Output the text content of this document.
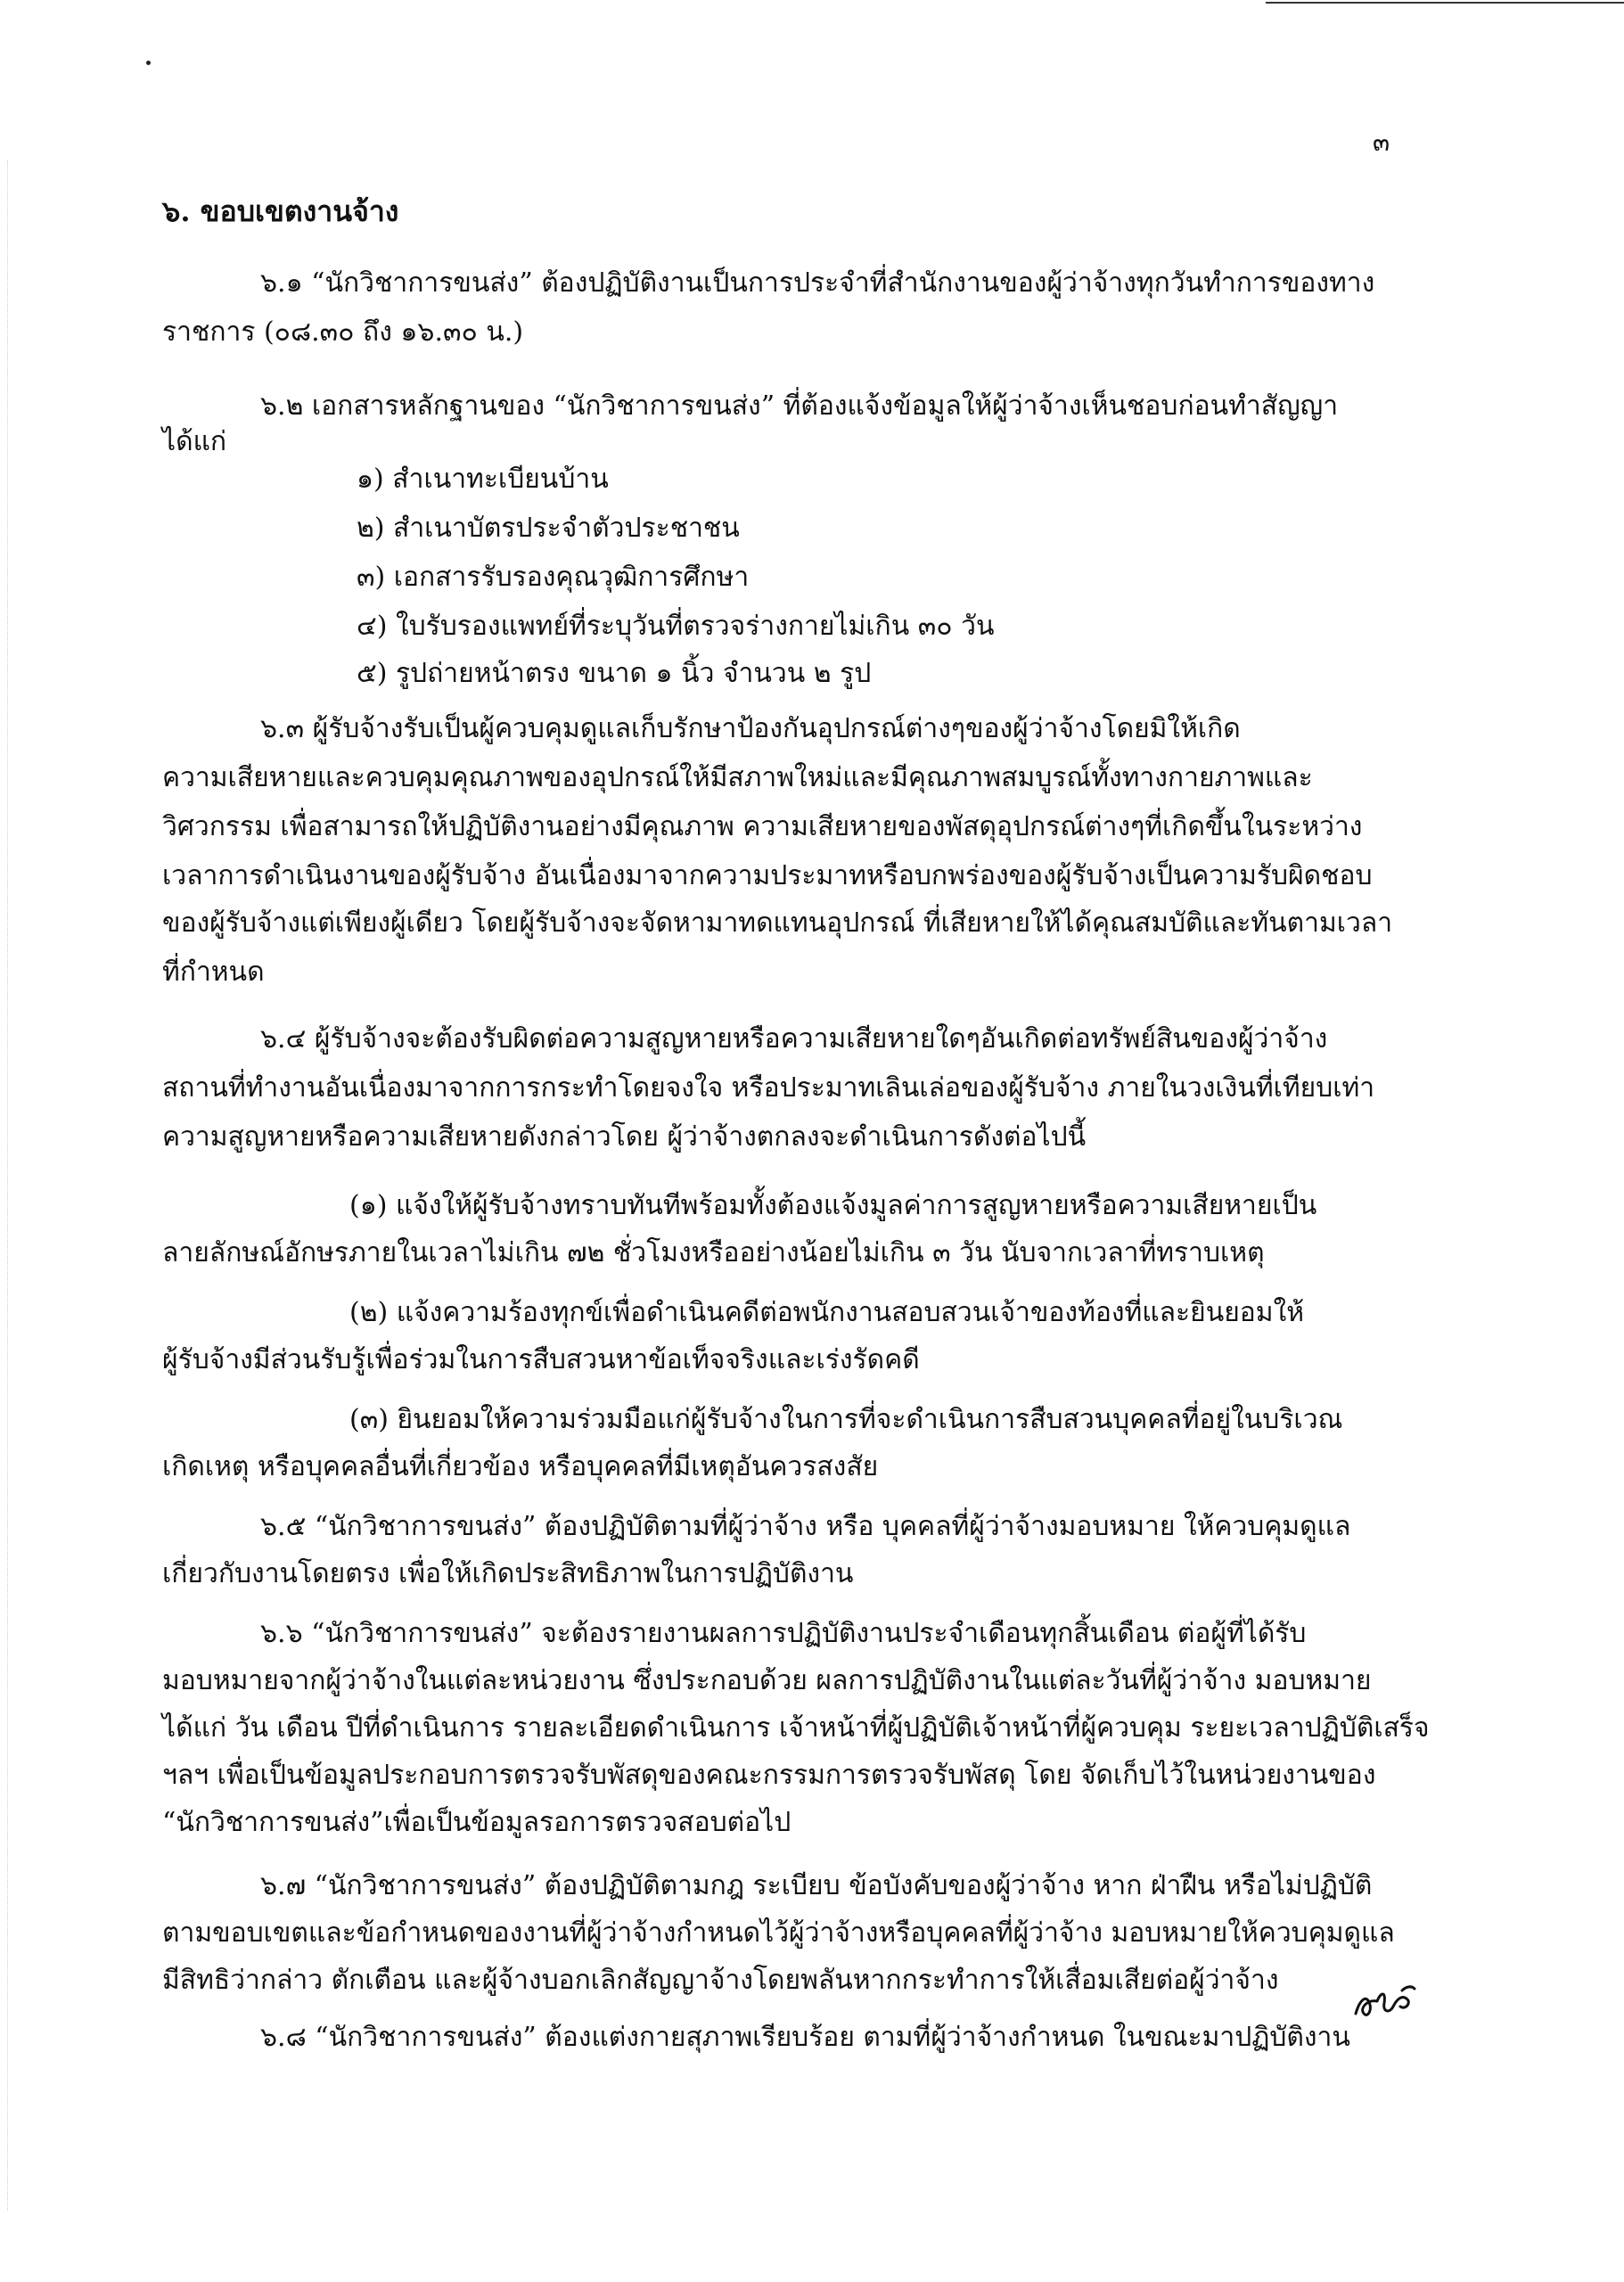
๓
๖. ขอบเขตงานจ้าง
๖.๑ “นักวิชาการขนส่ง” ต้องปฏิบัติงานเป็นการประจำที่สำนักงานของผู้ว่าจ้างทุกวันทำการของทาง
ราชการ (๐๘.๓๐ ถึง ๑๖.๓๐ น.)
๖.๒ เอกสารหลักฐานของ “นักวิชาการขนส่ง” ที่ต้องแจ้งข้อมูลให้ผู้ว่าจ้างเห็นชอบก่อนทำสัญญา
ได้แก่
๑) สำเนาทะเบียนบ้าน
๒) สำเนาบัตรประจำตัวประชาชน
๓) เอกสารรับรองคุณวุฒิการศึกษา
๔) ใบรับรองแพทย์ที่ระบุวันที่ตรวจร่างกายไม่เกิน ๓๐ วัน
๕) รูปถ่ายหน้าตรง ขนาด ๑ นิ้ว จำนวน ๒ รูป
๖.๓ ผู้รับจ้างรับเป็นผู้ควบคุมดูแลเก็บรักษาป้องกันอุปกรณ์ต่างๆของผู้ว่าจ้างโดยมิให้เกิด
ความเสียหายและควบคุมคุณภาพของอุปกรณ์ให้มีสภาพใหม่และมีคุณภาพสมบูรณ์ทั้งทางกายภาพและ
วิศวกรรม เพื่อสามารถให้ปฏิบัติงานอย่างมีคุณภาพ ความเสียหายของพัสดุอุปกรณ์ต่างๆที่เกิดขึ้นในระหว่าง
เวลาการดำเนินงานของผู้รับจ้าง อันเนื่องมาจากความประมาทหรือบกพร่องของผู้รับจ้างเป็นความรับผิดชอบ
ของผู้รับจ้างแต่เพียงผู้เดียว โดยผู้รับจ้างจะจัดหามาทดแทนอุปกรณ์ ที่เสียหายให้ได้คุณสมบัติและทันตามเวลา
ที่กำหนด
๖.๔ ผู้รับจ้างจะต้องรับผิดต่อความสูญหายหรือความเสียหายใดๆอันเกิดต่อทรัพย์สินของผู้ว่าจ้าง
สถานที่ทำงานอันเนื่องมาจากการกระทำโดยจงใจ หรือประมาทเลินเล่อของผู้รับจ้าง ภายในวงเงินที่เทียบเท่า
ความสูญหายหรือความเสียหายดังกล่าวโดย ผู้ว่าจ้างตกลงจะดำเนินการดังต่อไปนี้
(๑) แจ้งให้ผู้รับจ้างทราบทันทีพร้อมทั้งต้องแจ้งมูลค่าการสูญหายหรือความเสียหายเป็น
ลายลักษณ์อักษรภายในเวลาไม่เกิน ๗๒ ชั่วโมงหรืออย่างน้อยไม่เกิน ๓ วัน นับจากเวลาที่ทราบเหตุ
(๒) แจ้งความร้องทุกข์เพื่อดำเนินคดีต่อพนักงานสอบสวนเจ้าของท้องที่และยินยอมให้
ผู้รับจ้างมีส่วนรับรู้เพื่อร่วมในการสืบสวนหาข้อเท็จจริงและเร่งรัดคดี
(๓) ยินยอมให้ความร่วมมือแก่ผู้รับจ้างในการที่จะดำเนินการสืบสวนบุคคลที่อยู่ในบริเวณ
เกิดเหตุ หรือบุคคลอื่นที่เกี่ยวข้อง หรือบุคคลที่มีเหตุอันควรสงสัย
๖.๕ “นักวิชาการขนส่ง” ต้องปฏิบัติตามที่ผู้ว่าจ้าง หรือ บุคคลที่ผู้ว่าจ้างมอบหมาย ให้ควบคุมดูแล
เกี่ยวกับงานโดยตรง เพื่อให้เกิดประสิทธิภาพในการปฏิบัติงาน
๖.๖ “นักวิชาการขนส่ง” จะต้องรายงานผลการปฏิบัติงานประจำเดือนทุกสิ้นเดือน ต่อผู้ที่ได้รับ
มอบหมายจากผู้ว่าจ้างในแต่ละหน่วยงาน ซึ่งประกอบด้วย ผลการปฏิบัติงานในแต่ละวันที่ผู้ว่าจ้าง มอบหมาย
ได้แก่ วัน เดือน ปีที่ดำเนินการ รายละเอียดดำเนินการ เจ้าหน้าที่ผู้ปฏิบัติเจ้าหน้าที่ผู้ควบคุม ระยะเวลาปฏิบัติเสร็จ
ฯลฯ เพื่อเป็นข้อมูลประกอบการตรวจรับพัสดุของคณะกรรมการตรวจรับพัสดุ โดย จัดเก็บไว้ในหน่วยงานของ
“นักวิชาการขนส่ง”เพื่อเป็นข้อมูลรอการตรวจสอบต่อไป
๖.๗ “นักวิชาการขนส่ง” ต้องปฏิบัติตามกฎ ระเบียบ ข้อบังคับของผู้ว่าจ้าง หาก ฝ่าฝืน หรือไม่ปฏิบัติ
ตามขอบเขตและข้อกำหนดของงานที่ผู้ว่าจ้างกำหนดไว้ผู้ว่าจ้างหรือบุคคลที่ผู้ว่าจ้าง มอบหมายให้ควบคุมดูแล
มีสิทธิว่ากล่าว ตักเตือน และผู้จ้างบอกเลิกสัญญาจ้างโดยพลันหากกระทำการให้เสื่อมเสียต่อผู้ว่าจ้าง
๖.๘ “นักวิชาการขนส่ง” ต้องแต่งกายสุภาพเรียบร้อย ตามที่ผู้ว่าจ้างกำหนด ในขณะมาปฏิบัติงาน
